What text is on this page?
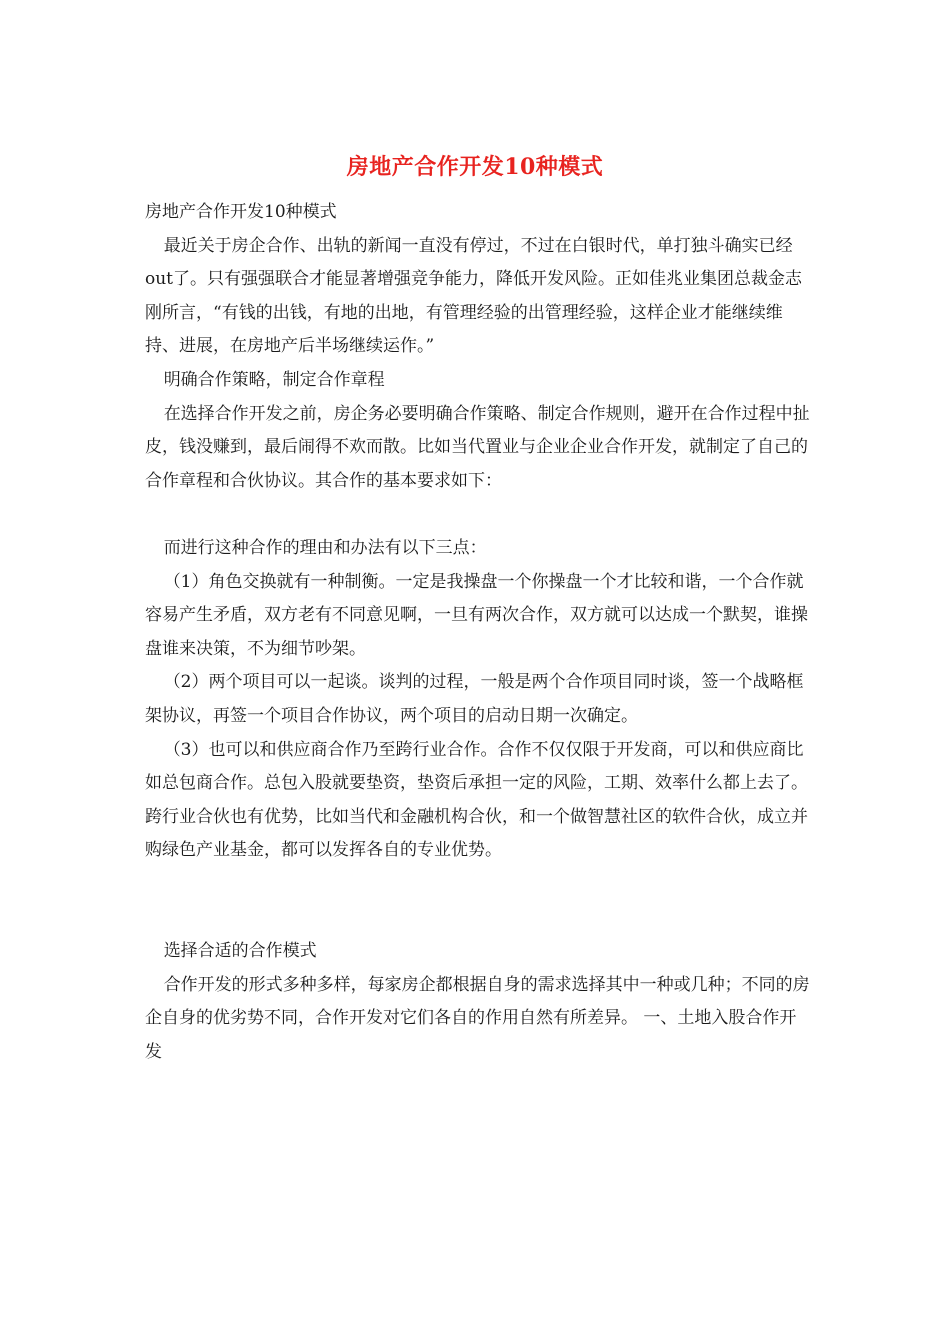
房地产合作开发10种模式

房地产合作开发10种模式

最近关于房企合作、出轨的新闻一直没有停过，不过在白银时代，单打独斗确实已经out了。只有强强联合才能显著增强竞争能力，降低开发风险。正如佳兆业集团总裁金志刚所言，“有钱的出钱，有地的出地，有管理经验的出管理经验，这样企业才能继续维持、进展，在房地产后半场继续运作。”

明确合作策略，制定合作章程

在选择合作开发之前，房企务必要明确合作策略、制定合作规则，避开在合作过程中扯皮，钱没赚到，最后闹得不欢而散。比如当代置业与企业企业合作开发，就制定了自己的合作章程和合伙协议。其合作的基本要求如下：

而进行这种合作的理由和办法有以下三点：

（1）角色交换就有一种制衡。一定是我操盘一个你操盘一个才比较和谐，一个合作就容易产生矛盾，双方老有不同意见啊，一旦有两次合作，双方就可以达成一个默契，谁操盘谁来决策，不为细节吵架。

（2）两个项目可以一起谈。谈判的过程，一般是两个合作项目同时谈，签一个战略框架协议，再签一个项目合作协议，两个项目的启动日期一次确定。

（3）也可以和供应商合作乃至跨行业合作。合作不仅仅限于开发商，可以和供应商比如总包商合作。总包入股就要垫资，垫资后承担一定的风险，工期、效率什么都上去了。跨行业合伙也有优势，比如当代和金融机构合伙，和一个做智慧社区的软件合伙，成立并购绿色产业基金，都可以发挥各自的专业优势。

选择合适的合作模式

合作开发的形式多种多样，每家房企都根据自身的需求选择其中一种或几种；不同的房企自身的优劣势不同，合作开发对它们各自的作用自然有所差异。 一、土地入股合作开发
